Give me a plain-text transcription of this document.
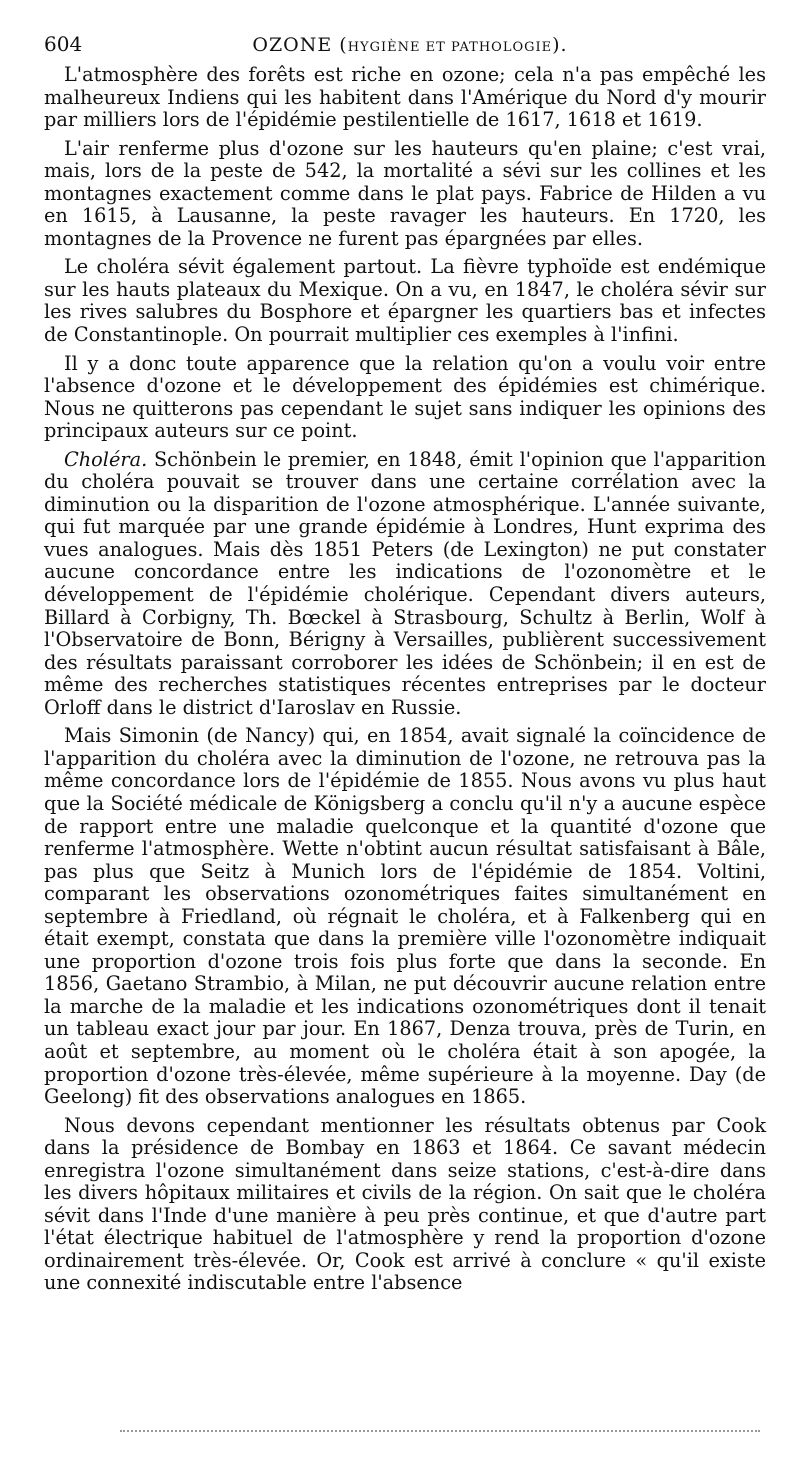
604	OZONE (HYGIÈNE ET PATHOLOGIE).

L'atmosphère des forêts est riche en ozone; cela n'a pas empêché les malheureux Indiens qui les habitent dans l'Amérique du Nord d'y mourir par milliers lors de l'épidémie pestilentielle de 1617, 1618 et 1619.

L'air renferme plus d'ozone sur les hauteurs qu'en plaine; c'est vrai, mais, lors de la peste de 542, la mortalité a sévi sur les collines et les montagnes exactement comme dans le plat pays. Fabrice de Hilden a vu en 1615, à Lausanne, la peste ravager les hauteurs. En 1720, les montagnes de la Provence ne furent pas épargnées par elles.

Le choléra sévit également partout. La fièvre typhoïde est endémique sur les hauts plateaux du Mexique. On a vu, en 1847, le choléra sévir sur les rives salubres du Bosphore et épargner les quartiers bas et infectes de Constantinople. On pourrait multiplier ces exemples à l'infini.

Il y a donc toute apparence que la relation qu'on a voulu voir entre l'absence d'ozone et le développement des épidémies est chimérique. Nous ne quitterons pas cependant le sujet sans indiquer les opinions des principaux auteurs sur ce point.

Choléra. Schönbein le premier, en 1848, émit l'opinion que l'apparition du choléra pouvait se trouver dans une certaine corrélation avec la diminution ou la disparition de l'ozone atmosphérique. L'année suivante, qui fut marquée par une grande épidémie à Londres, Hunt exprima des vues analogues. Mais dès 1851 Peters (de Lexington) ne put constater aucune concordance entre les indications de l'ozonomètre et le développement de l'épidémie cholérique. Cependant divers auteurs, Billard à Corbigny, Th. Bœckel à Strasbourg, Schultz à Berlin, Wolf à l'Observatoire de Bonn, Bérigny à Versailles, publièrent successivement des résultats paraissant corroborer les idées de Schönbein; il en est de même des recherches statistiques récentes entreprises par le docteur Orloff dans le district d'Iaroslav en Russie.

Mais Simonin (de Nancy) qui, en 1854, avait signalé la coïncidence de l'apparition du choléra avec la diminution de l'ozone, ne retrouva pas la même concordance lors de l'épidémie de 1855. Nous avons vu plus haut que la Société médicale de Königsberg a conclu qu'il n'y a aucune espèce de rapport entre une maladie quelconque et la quantité d'ozone que renferme l'atmosphère. Wette n'obtint aucun résultat satisfaisant à Bâle, pas plus que Seitz à Munich lors de l'épidémie de 1854. Voltini, comparant les observations ozonométriques faites simultanément en septembre à Friedland, où régnait le choléra, et à Falkenberg qui en était exempt, constata que dans la première ville l'ozonomètre indiquait une proportion d'ozone trois fois plus forte que dans la seconde. En 1856, Gaetano Strambio, à Milan, ne put découvrir aucune relation entre la marche de la maladie et les indications ozonométriques dont il tenait un tableau exact jour par jour. En 1867, Denza trouva, près de Turin, en août et septembre, au moment où le choléra était à son apogée, la proportion d'ozone très-élevée, même supérieure à la moyenne. Day (de Geelong) fit des observations analogues en 1865.

Nous devons cependant mentionner les résultats obtenus par Cook dans la présidence de Bombay en 1863 et 1864. Ce savant médecin enregistra l'ozone simultanément dans seize stations, c'est-à-dire dans les divers hôpitaux militaires et civils de la région. On sait que le choléra sévit dans l'Inde d'une manière à peu près continue, et que d'autre part l'état électrique habituel de l'atmosphère y rend la proportion d'ozone ordinairement très-élevée. Or, Cook est arrivé à conclure « qu'il existe une connexité indiscutable entre l'absence
